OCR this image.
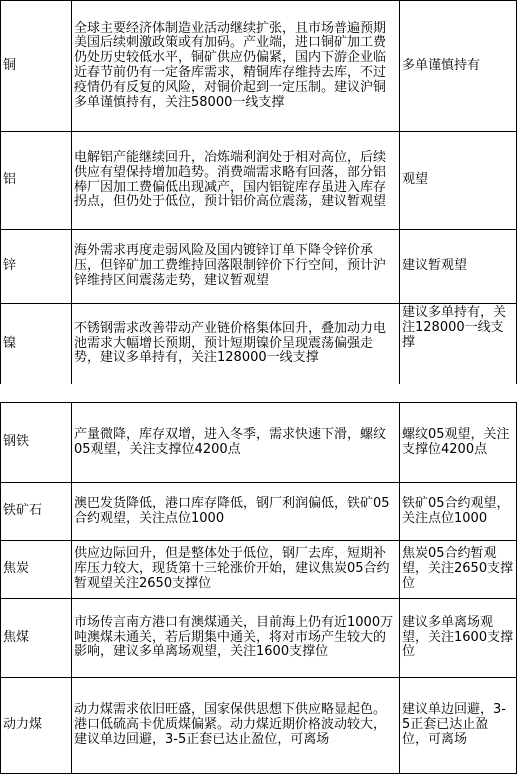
铜	全球主要经济体制造业活动继续扩张，且市场普遍预期美国后续刺激政策或有加码。产业端，进口铜矿加工费仍处历史较低水平，铜矿供应仍偏紧，国内下游企业临近春节前仍有一定备库需求，精铜库存维持去库，不过疫情仍有反复的风险，对铜价起到一定压制。建议沪铜多单谨慎持有，关注58000一线支撑	多单谨慎持有
铝	电解铝产能继续回升，冶炼端利润处于相对高位，后续供应有望保持增加趋势。消费端需求略有回落，部分铝棒厂因加工费偏低出现减产，国内铝锭库存虽进入库存拐点，但仍处于低位，预计铝价高位震荡，建议暂观望	观望
锌	海外需求再度走弱风险及国内镀锌订单下降令锌价承压，但锌矿加工费维持回落限制锌价下行空间，预计沪锌维持区间震荡走势，建议暂观望	建议暂观望
镍	不锈钢需求改善带动产业链价格集体回升，叠加动力电池需求大幅增长预期，预计短期镍价呈现震荡偏强走势，建议多单持有，关注128000一线支撑	建议多单持有，关注128000一线支撑
钢铁	产量微降，库存双增，进入冬季，需求快速下滑，螺纹05观望，关注支撑位4200点	螺纹05观望，关注支撑位4200点
铁矿石	澳巴发货降低，港口库存降低，钢厂利润偏低，铁矿05合约观望，关注点位1000	铁矿05合约观望，关注点位1000
焦炭	供应边际回升，但是整体处于低位，钢厂去库，短期补库压力较大，现货第十三轮涨价开始，建议焦炭05合约暂观望关注2650支撑位	焦炭05合约暂观望，关注2650支撑位
焦煤	市场传言南方港口有澳煤通关，目前海上仍有近1000万吨澳煤未通关，若后期集中通关，将对市场产生较大的影响，建议多单离场观望，关注1600支撑位	建议多单离场观望，关注1600支撑位
动力煤	动力煤需求依旧旺盛，国家保供思想下供应略显起色。港口低硫高卡优质煤偏紧。动力煤近期价格波动较大，建议单边回避，3-5正套已达止盈位，可离场	建议单边回避，3-5正套已达止盈位，可离场
